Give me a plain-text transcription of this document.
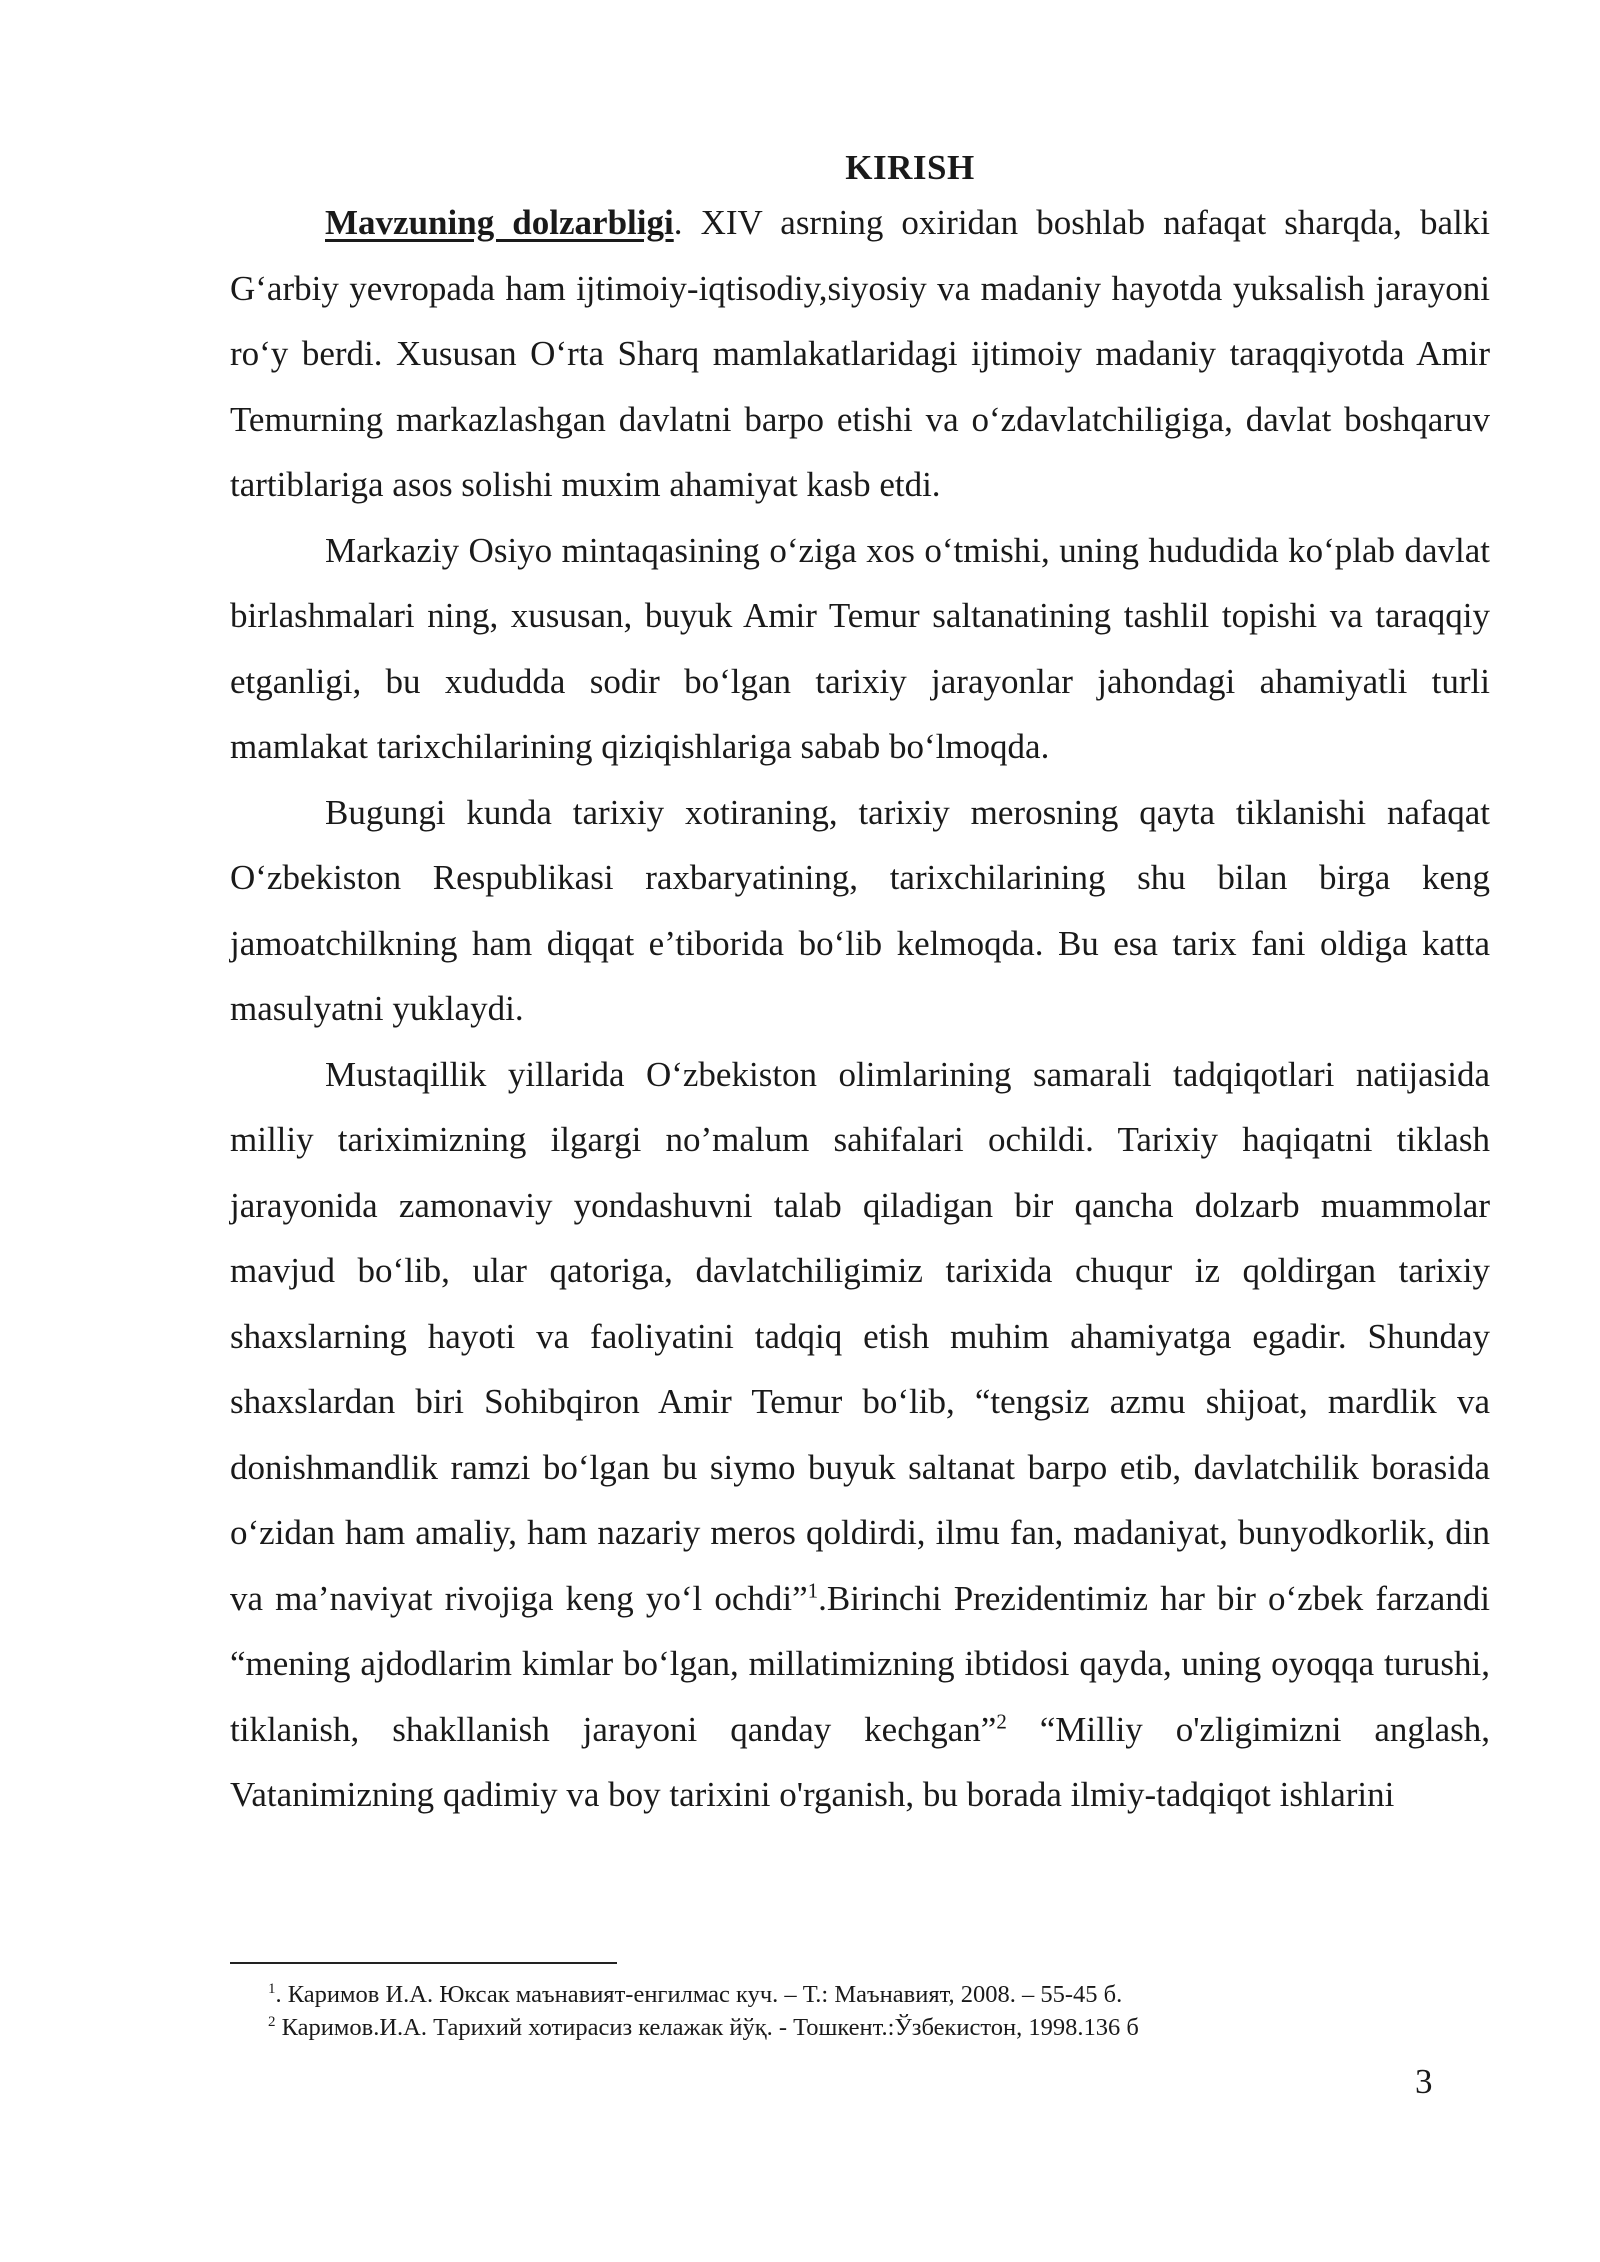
KIRISH

Mavzuning dolzarbligi. XIV asrning oxiridan boshlab nafaqat sharqda, balki G‘arbiy yevropada ham ijtimoiy-iqtisodiy,siyosiy va madaniy hayotda yuksalish jarayoni ro‘y berdi. Xususan O‘rta Sharq mamlakatlaridagi ijtimoiy madaniy taraqqiyotda Amir Temurning markazlashgan davlatni barpo etishi va o‘zdavlatchiligiga, davlat boshqaruv tartiblariga asos solishi muxim ahamiyat kasb etdi.

Markaziy Osiyo mintaqasining o‘ziga xos o‘tmishi, uning hududida ko‘plab davlat birlashmalari ning, xususan, buyuk Amir Temur saltanatining tashlil topishi va taraqqiy etganligi, bu xududda sodir bo‘lgan tarixiy jarayonlar jahondagi ahamiyatli turli mamlakat tarixchilarining qiziqishlariga sabab bo‘lmoqda.

Bugungi kunda tarixiy xotiraning, tarixiy merosning qayta tiklanishi nafaqat O‘zbekiston Respublikasi raxbaryatining, tarixchilarining shu bilan birga keng jamoatchilkning ham diqqat e’tiborida bo‘lib kelmoqda. Bu esa tarix fani oldiga katta masulyatni yuklaydi.

Mustaqillik yillarida O‘zbekiston olimlarining samarali tadqiqotlari natijasida milliy tariximizning ilgargi no’malum sahifalari ochildi. Tarixiy haqiqatni tiklash jarayonida zamonaviy yondashuvni talab qiladigan bir qancha dolzarb muammolar mavjud bo‘lib, ular qatoriga, davlatchiligimiz tarixida chuqur iz qoldirgan tarixiy shaxslarning hayoti va faoliyatini tadqiq etish muhim ahamiyatga egadir. Shunday shaxslardan biri Sohibqiron Amir Temur bo‘lib, “tengsiz azmu shijoat, mardlik va donishmandlik ramzi bo‘lgan bu siymo buyuk saltanat barpo etib, davlatchilik borasida o‘zidan ham amaliy, ham nazariy meros qoldirdi, ilmu fan, madaniyat, bunyodkorlik, din va ma’naviyat rivojiga keng yo‘l ochdi”$^1$.Birinchi Prezidentimiz har bir o‘zbek farzandi “mening ajdodlarim kimlar bo‘lgan, millatimizning ibtidosi qayda, uning oyoqqa turushi, tiklanish, shakllanish jarayoni qanday kechgan”$^2$ “Milliy o'zligimizni anglash, Vatanimizning qadimiy va boy tarixini o'rganish, bu borada ilmiy-tadqiqot ishlarini

$^1$. Каримов И.А. Юксак маънавият-енгилмас куч. – Т.: Маънавият, 2008. – 55-45 б.

$^2$ Каримов.И.А. Тарихий хотирасиз келажак йўқ. - Тошкент.:Ўзбекистон, 1998.136 б

3
